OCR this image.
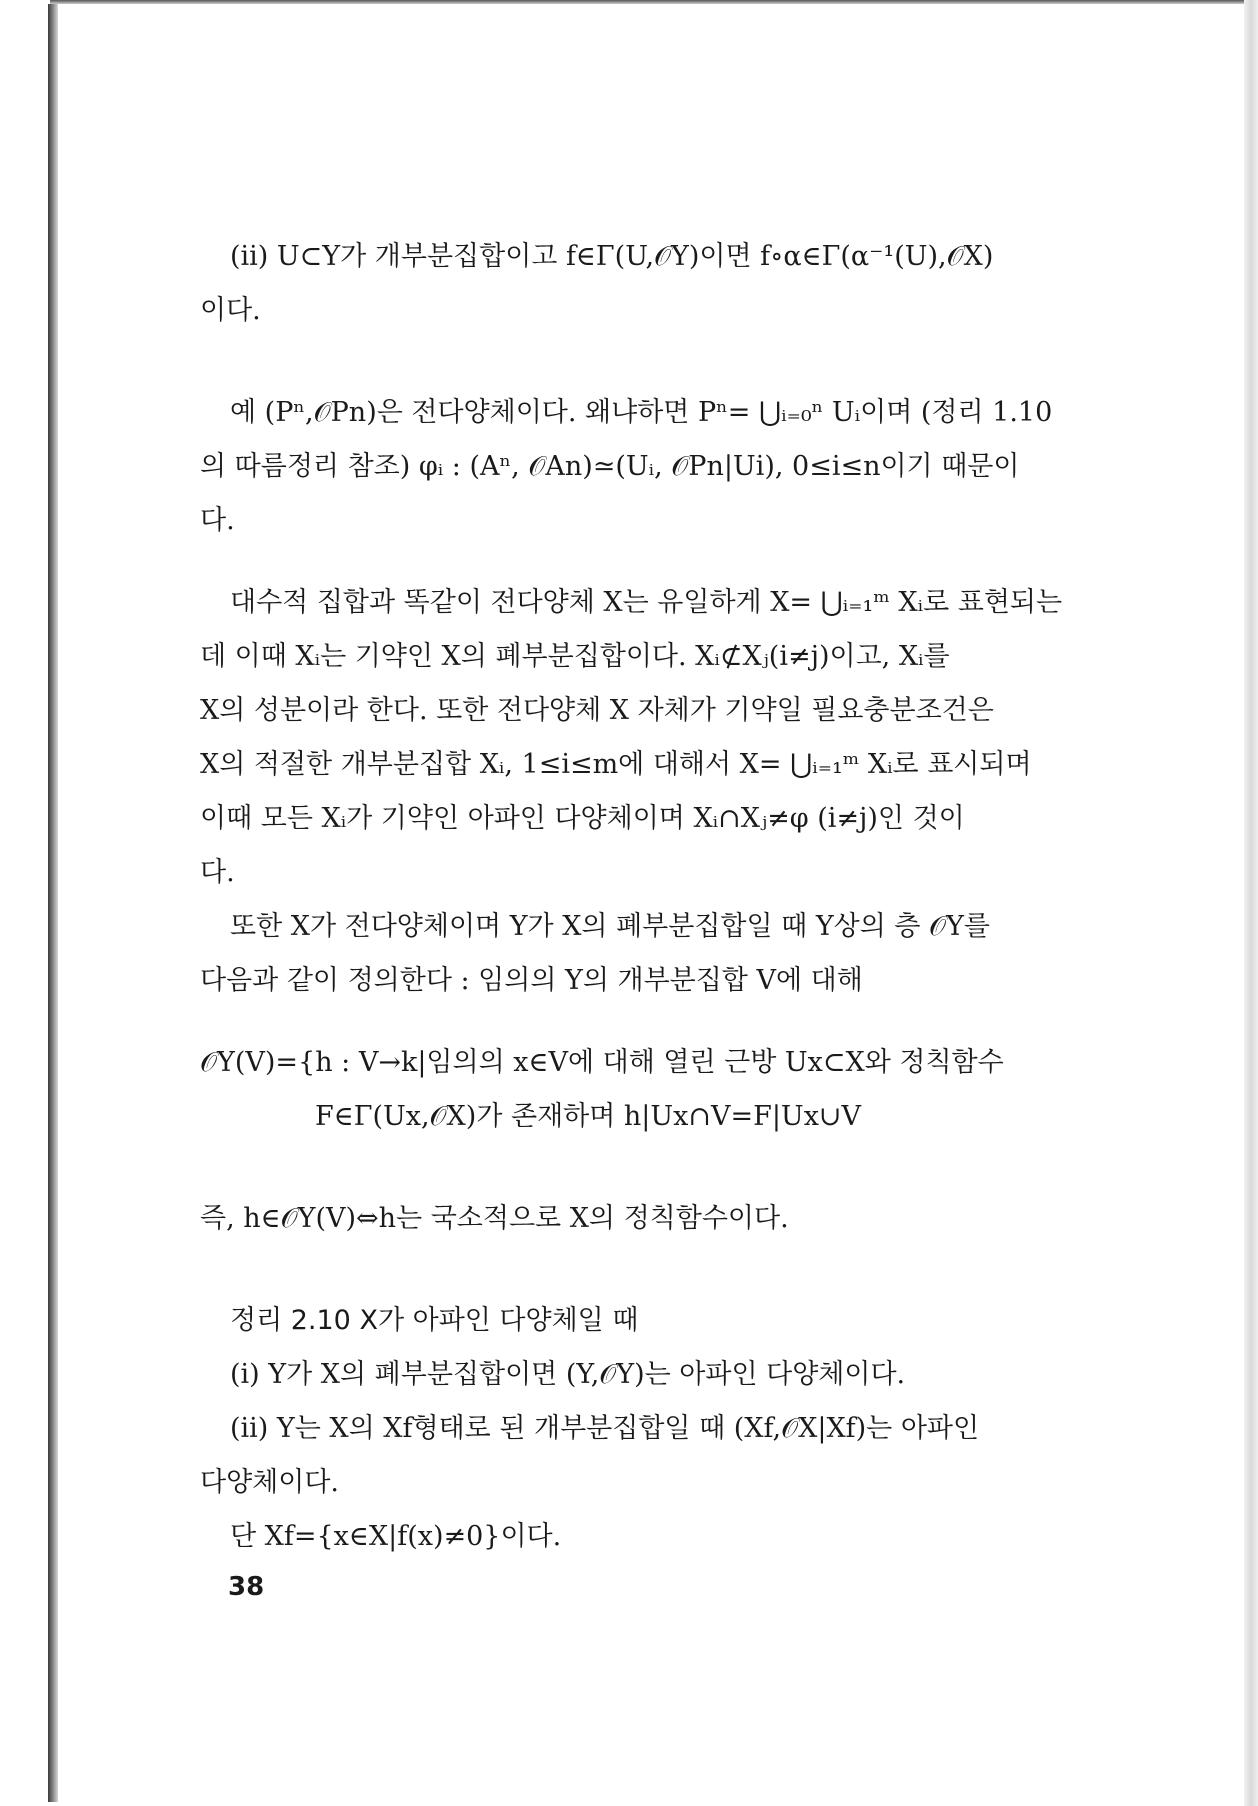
(ii) U⊂Y가 개부분집합이고 f∈Γ(U,𝒪Y)이면 f∘α∈Γ(α⁻¹(U),𝒪X)
이다.
예 (Pⁿ,𝒪Pn)은 전다양체이다. 왜냐하면 Pⁿ= ⋃ᵢ₌₀ⁿ Uᵢ이며 (정리 1.10
의 따름정리 참조) φᵢ : (Aⁿ, 𝒪An)≃(Uᵢ, 𝒪Pn|Ui), 0≤i≤n이기 때문이
다.
대수적 집합과 똑같이 전다양체 X는 유일하게 X= ⋃ᵢ₌₁ᵐ Xᵢ로 표현되는
데 이때 Xᵢ는 기약인 X의 폐부분집합이다. Xᵢ⊄Xⱼ(i≠j)이고, Xᵢ를
X의 성분이라 한다. 또한 전다양체 X 자체가 기약일 필요충분조건은
X의 적절한 개부분집합 Xᵢ, 1≤i≤m에 대해서 X= ⋃ᵢ₌₁ᵐ Xᵢ로 표시되며
이때 모든 Xᵢ가 기약인 아파인 다양체이며 Xᵢ∩Xⱼ≠φ (i≠j)인 것이
다.
또한 X가 전다양체이며 Y가 X의 폐부분집합일 때 Y상의 층 𝒪Y를
다음과 같이 정의한다 : 임의의 Y의 개부분집합 V에 대해
𝒪Y(V)={h : V→k|임의의 x∈V에 대해 열린 근방 Ux⊂X와 정칙함수
F∈Γ(Ux,𝒪X)가 존재하며 h|Ux∩V=F|Ux∪V
즉, h∈𝒪Y(V)⇔h는 국소적으로 X의 정칙함수이다.
정리 2.10 X가 아파인 다양체일 때
(i) Y가 X의 폐부분집합이면 (Y,𝒪Y)는 아파인 다양체이다.
(ii) Y는 X의 Xf형태로 된 개부분집합일 때 (Xf,𝒪X|Xf)는 아파인
다양체이다.
단 Xf={x∈X|f(x)≠0}이다.
38
